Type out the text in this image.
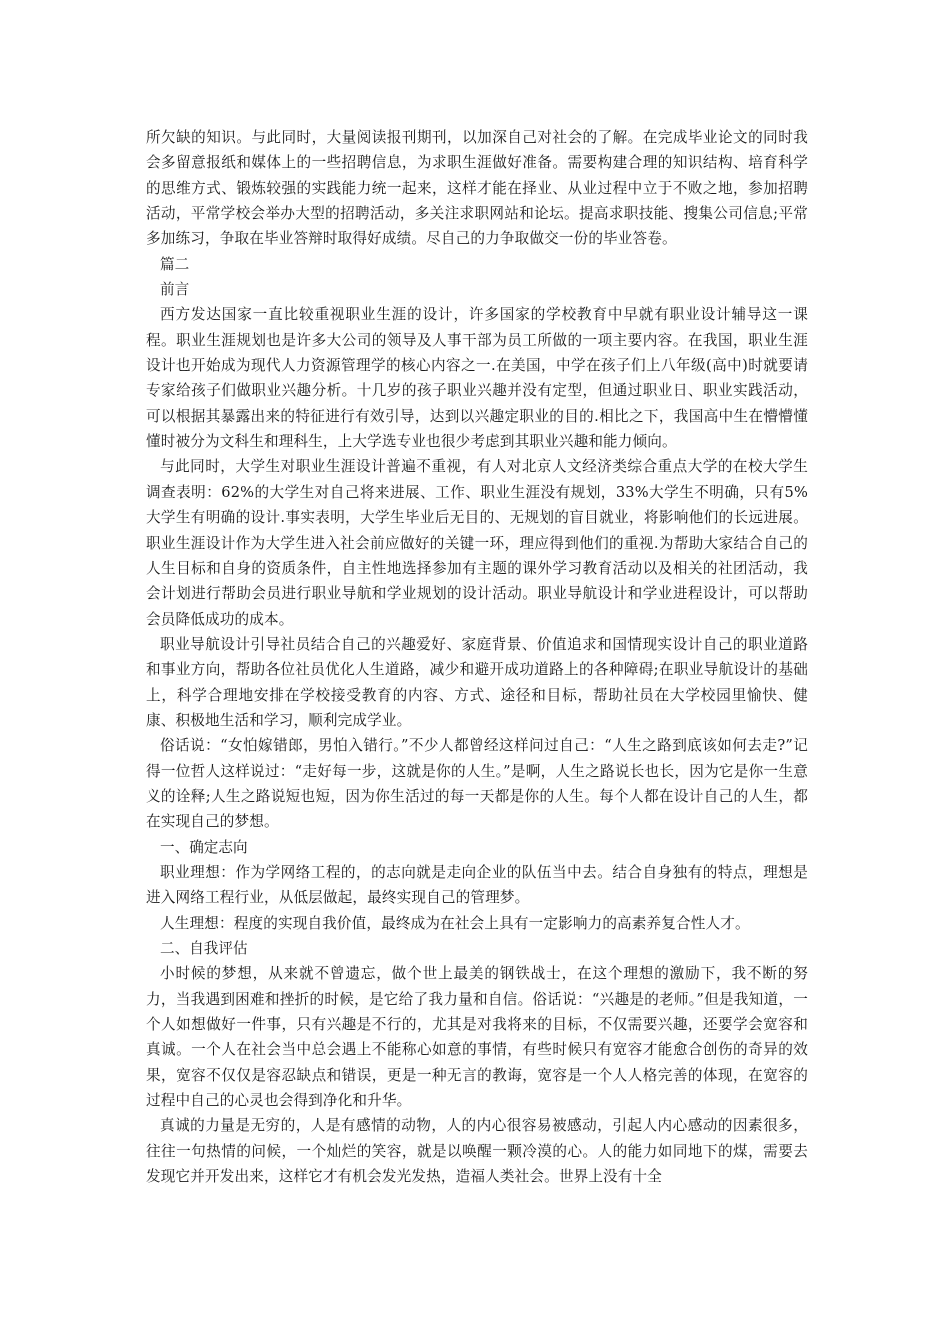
所欠缺的知识。与此同时，大量阅读报刊期刊，以加深自己对社会的了解。在完成毕业论文的同时我会多留意报纸和媒体上的一些招聘信息，为求职生涯做好准备。需要构建合理的知识结构、培育科学的思维方式、锻炼较强的实践能力统一起来，这样才能在择业、从业过程中立于不败之地，参加招聘活动，平常学校会举办大型的招聘活动，多关注求职网站和论坛。提高求职技能、搜集公司信息;平常多加练习，争取在毕业答辩时取得好成绩。尽自己的力争取做交一份的毕业答卷。

篇二

前言

西方发达国家一直比较重视职业生涯的设计，许多国家的学校教育中早就有职业设计辅导这一课程。职业生涯规划也是许多大公司的领导及人事干部为员工所做的一项主要内容。在我国，职业生涯设计也开始成为现代人力资源管理学的核心内容之一.在美国，中学在孩子们上八年级(高中)时就要请专家给孩子们做职业兴趣分析。十几岁的孩子职业兴趣并没有定型，但通过职业日、职业实践活动，可以根据其暴露出来的特征进行有效引导，达到以兴趣定职业的目的.相比之下，我国高中生在懵懵懂懂时被分为文科生和理科生，上大学选专业也很少考虑到其职业兴趣和能力倾向。

与此同时，大学生对职业生涯设计普遍不重视，有人对北京人文经济类综合重点大学的在校大学生调查表明：62%的大学生对自己将来进展、工作、职业生涯没有规划，33%大学生不明确，只有5%大学生有明确的设计.事实表明，大学生毕业后无目的、无规划的盲目就业，将影响他们的长远进展。职业生涯设计作为大学生进入社会前应做好的关键一环，理应得到他们的重视.为帮助大家结合自己的人生目标和自身的资质条件，自主性地选择参加有主题的课外学习教育活动以及相关的社团活动，我会计划进行帮助会员进行职业导航和学业规划的设计活动。职业导航设计和学业进程设计，可以帮助会员降低成功的成本。

职业导航设计引导社员结合自己的兴趣爱好、家庭背景、价值追求和国情现实设计自己的职业道路和事业方向，帮助各位社员优化人生道路，减少和避开成功道路上的各种障碍;在职业导航设计的基础上，科学合理地安排在学校接受教育的内容、方式、途径和目标，帮助社员在大学校园里愉快、健康、积极地生活和学习，顺利完成学业。

俗话说：“女怕嫁错郎，男怕入错行。”不少人都曾经这样问过自己：“人生之路到底该如何去走?”记得一位哲人这样说过：“走好每一步，这就是你的人生。”是啊，人生之路说长也长，因为它是你一生意义的诠释;人生之路说短也短，因为你生活过的每一天都是你的人生。每个人都在设计自己的人生，都在实现自己的梦想。

一、确定志向

职业理想：作为学网络工程的，的志向就是走向企业的队伍当中去。结合自身独有的特点，理想是进入网络工程行业，从低层做起，最终实现自己的管理梦。

人生理想：程度的实现自我价值，最终成为在社会上具有一定影响力的高素养复合性人才。

二、自我评估

小时候的梦想，从来就不曾遗忘，做个世上最美的钢铁战士，在这个理想的激励下，我不断的努力，当我遇到困难和挫折的时候，是它给了我力量和自信。俗话说：“兴趣是的老师。”但是我知道，一个人如想做好一件事，只有兴趣是不行的，尤其是对我将来的目标，不仅需要兴趣，还要学会宽容和真诚。一个人在社会当中总会遇上不能称心如意的事情，有些时候只有宽容才能愈合创伤的奇异的效果，宽容不仅仅是容忍缺点和错误，更是一种无言的教诲，宽容是一个人人格完善的体现，在宽容的过程中自己的心灵也会得到净化和升华。

真诚的力量是无穷的，人是有感情的动物，人的内心很容易被感动，引起人内心感动的因素很多，往往一句热情的问候，一个灿烂的笑容，就是以唤醒一颗冷漠的心。人的能力如同地下的煤，需要去发现它并开发出来，这样它才有机会发光发热，造福人类社会。世界上没有十全
